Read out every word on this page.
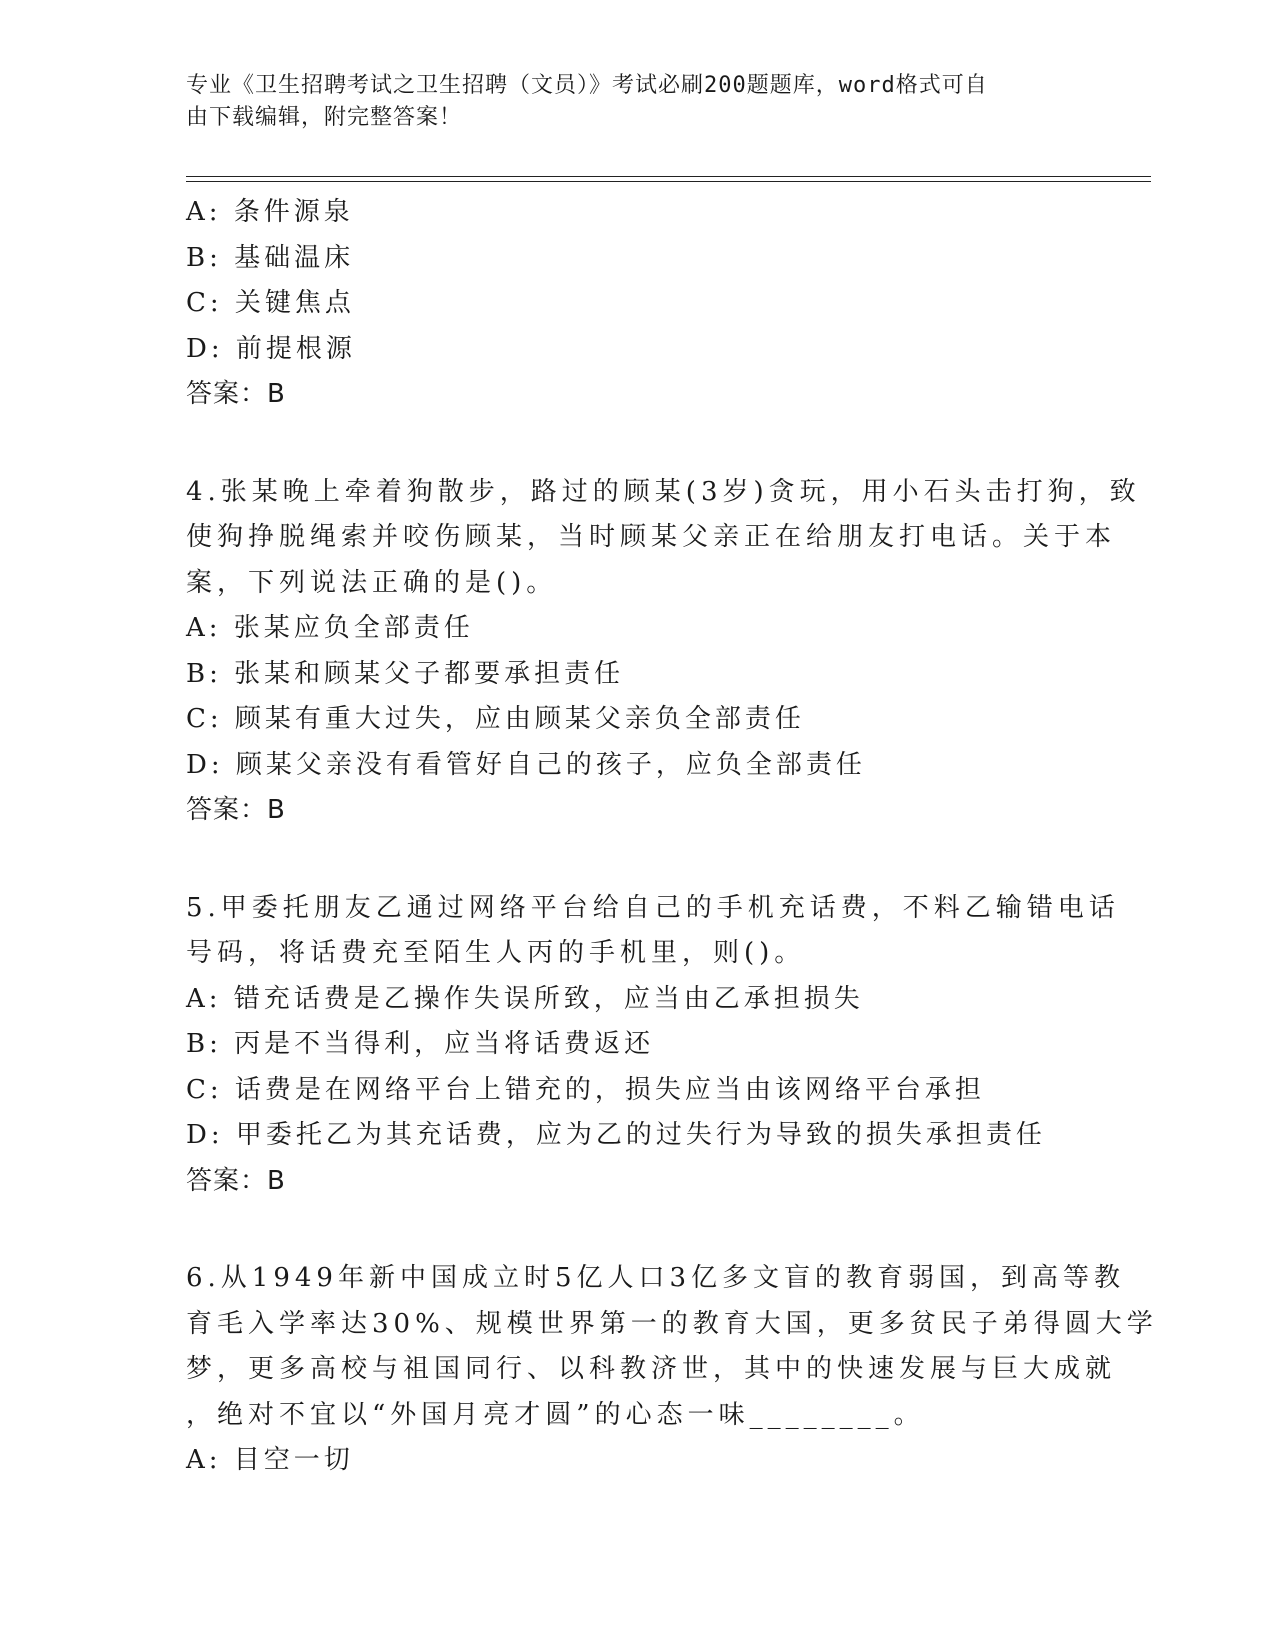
专业《卫生招聘考试之卫生招聘（文员）》考试必刷200题题库，word格式可自
由下载编辑，附完整答案！
A: 条件源泉
B: 基础温床
C: 关键焦点
D: 前提根源
答案：B
4.张某晚上牵着狗散步，路过的顾某(3岁)贪玩，用小石头击打狗，致
使狗挣脱绳索并咬伤顾某，当时顾某父亲正在给朋友打电话。关于本
案，下列说法正确的是()。
A: 张某应负全部责任
B: 张某和顾某父子都要承担责任
C: 顾某有重大过失，应由顾某父亲负全部责任
D: 顾某父亲没有看管好自己的孩子，应负全部责任
答案：B
5.甲委托朋友乙通过网络平台给自己的手机充话费，不料乙输错电话
号码，将话费充至陌生人丙的手机里，则()。
A: 错充话费是乙操作失误所致，应当由乙承担损失
B: 丙是不当得利，应当将话费返还
C: 话费是在网络平台上错充的，损失应当由该网络平台承担
D: 甲委托乙为其充话费，应为乙的过失行为导致的损失承担责任
答案：B
6.从1949年新中国成立时5亿人口3亿多文盲的教育弱国，到高等教
育毛入学率达30%、规模世界第一的教育大国，更多贫民子弟得圆大学
梦，更多高校与祖国同行、以科教济世，其中的快速发展与巨大成就
，绝对不宜以“外国月亮才圆”的心态一味________。
A: 目空一切
